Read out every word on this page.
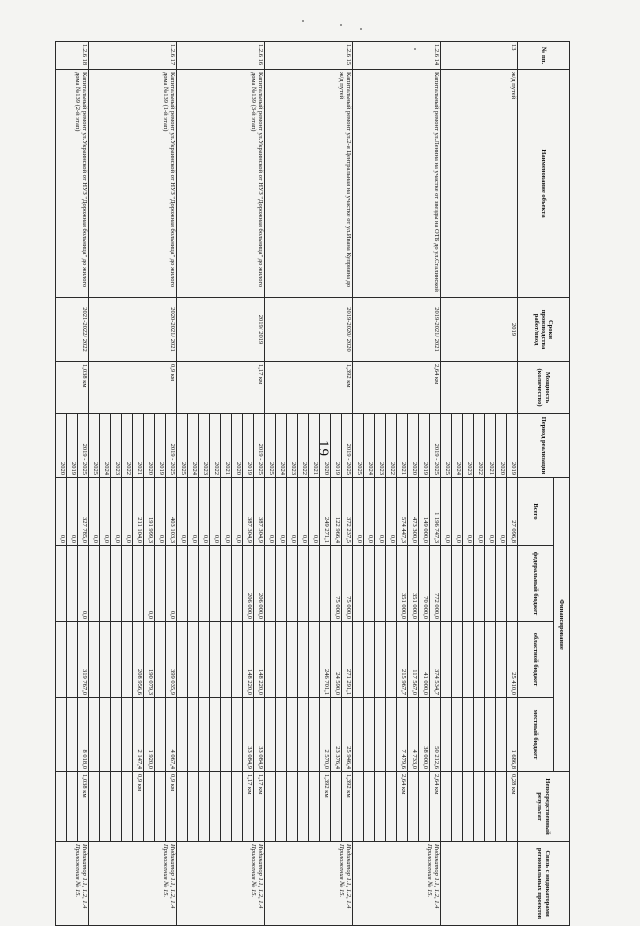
19
№ пп.	Наименование объекта	Сроки производства работ/ввод	Мощность (количество)	Период реализации	Финансирование				Непосредственный результат	Связь с индикаторами региональных проектов
					Всего	федеральный бюджет	областной бюджет	местный бюджет		
13	ж/д путей	2019		2019	27 096,8		25 410,0	1 686,8	0,28 км	
				2020	0,0					
				2021	0,0					
				2022	0,0					
				2023	0,0					
				2024	0,0					
				2025	0,0					
1.2.6 14	Капитальный ремонт ул.Ленина на участке от звезды на ОТБ до ул.Сталинской	2019-2021/ 2021	2,64 км	2019 - 2025	1 196 747,3	772 000,0	374 534,7	50 212,6	2,64 км	Индикатор 1.1, 1.2, 1.4 Приложения № 15.
				2019	149 000,0	70 000,0	41 000,0	38 000,0		
				2020	473 300,0	351 000,0	117 567,0	4 733,0		
				2021	574 447,3	351 000,0	215 967,7	7 479,6	2,64 км	
				2022	0,0					
				2023	0,0					
				2024	0,0					
				2025	0,0					
1.2.6 15	Капитальный ремонт ул.2-я Центральная на участке от ул.Ивана Куприяна до ж/д путей	2019-2020/ 2020	1,392 км	2019 - 2025	372 237,5	75 000,0	271 291,1	25 946,4	1,392 км	Индикатор 1.1, 1.2, 1.4 Приложения № 15.
				2019	122 966,4	75 000,0	24 590,0	23 376,4		
				2020	249 271,1		246 701,1	2 570,0	1,392 км	
				2021	0,0					
				2022	0,0					
				2023	0,0					
				2024	0,0					
				2025	0,0					
1.2.6 16	Капитальный ремонт ул.Украинской от НУЗ "Дорожная больница" до жилого дома №139 (3-й этап)	2019/ 2019	1,17 км	2019 - 2025	387 304,9	206 000,0	148 220,0	33 084,9	1,17 км	Индикатор 1.1, 1.2, 1.4 Приложения № 15.
				2019	387 304,9	206 000,0	148 220,0	33 084,9	1,17 км	
				2020	0,0					
				2021	0,0					
				2022	0,0					
				2023	0,0					
				2024	0,0					
				2025	0,0					
1.2.6 17	Капитальный ремонт ул.Украинской от НУЗ "Дорожная больница" до жилого дома №139 (1-й этап)	2020-2021/ 2021	0,9 км	2019 - 2025	403 103,3	0,0	399 035,9	4 067,4	0,9 км	Индикатор 1.1, 1.2, 1.4 Приложения № 15.
				2019	0,0					
				2020	191 999,3	0,0	190 079,3	1 920,0		
				2021	211 104,0		208 956,6	2 147,4	0,9 км	
				2022	0,0					
				2023	0,0					
				2024	0,0					
				2025	0,0					
1.2.6 18	Капитальный ремонт ул.Украинской от НУЗ "Дорожная больница" до жилого дома №139 (2-й этап)	2021-2022/ 2022	1,038 км	2019 - 2025	327 785,0	0,0	319 767,0	8 018,0	1,038 км	Индикатор 1.1, 1.2, 1.4 Приложения № 15.
				2019	0,0					
				2020	0,0					
